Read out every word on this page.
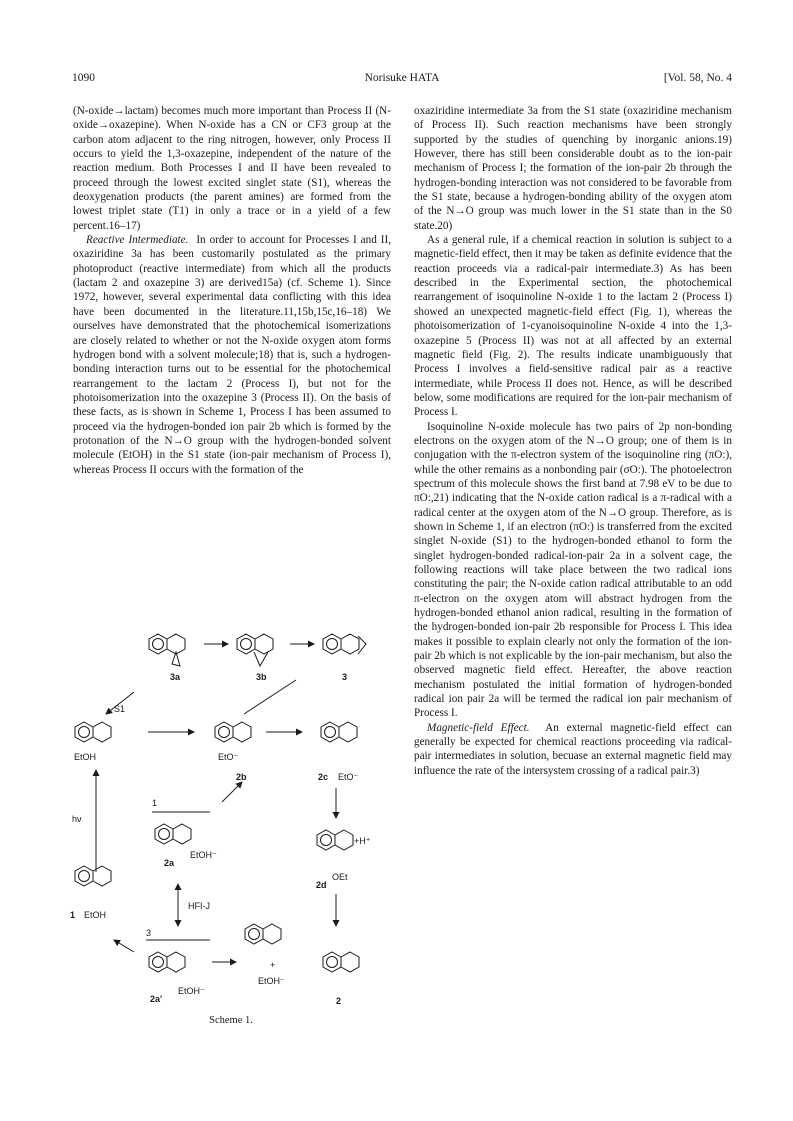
1090	Norisuke HATA	[Vol. 58, No. 4

(N-oxide→lactam) becomes much more important than Process II (N-oxide→oxazepine). When N-oxide has a CN or CF3 group at the carbon atom adjacent to the ring nitrogen, however, only Process II occurs to yield the 1,3-oxazepine, independent of the nature of the reaction medium. Both Processes I and II have been revealed to proceed through the lowest excited singlet state (S1), whereas the deoxygenation products (the parent amines) are formed from the lowest triplet state (T1) in only a trace or in a yield of a few percent.16–17)

Reactive Intermediate. In order to account for Processes I and II, oxaziridine 3a has been customarily postulated as the primary photoproduct (reactive intermediate) from which all the products (lactam 2 and oxazepine 3) are derived15a) (cf. Scheme 1). Since 1972, however, several experimental data conflicting with this idea have been documented in the literature.11,15b,15c,16–18) We ourselves have demonstrated that the photochemical isomerizations are closely related to whether or not the N-oxide oxygen atom forms hydrogen bond with a solvent molecule;18) that is, such a hydrogen-bonding interaction turns out to be essential for the photochemical rearrangement to the lactam 2 (Process I), but not for the photoisomerization into the oxazepine 3 (Process II). On the basis of these facts, as is shown in Scheme 1, Process I has been assumed to proceed via the hydrogen-bonded ion pair 2b which is formed by the protonation of the N→O group with the hydrogen-bonded solvent molecule (EtOH) in the S1 state (ion-pair mechanism of Process I), whereas Process II occurs with the formation of the

oxaziridine intermediate 3a from the S1 state (oxaziridine mechanism of Process II). Such reaction mechanisms have been strongly supported by the studies of quenching by inorganic anions.19) However, there has still been considerable doubt as to the ion-pair mechanism of Process I; the formation of the ion-pair 2b through the hydrogen-bonding interaction was not considered to be favorable from the S1 state, because a hydrogen-bonding ability of the oxygen atom of the N→O group was much lower in the S1 state than in the S0 state.20)

As a general rule, if a chemical reaction in solution is subject to a magnetic-field effect, then it may be taken as definite evidence that the reaction proceeds via a radical-pair intermediate.3) As has been described in the Experimental section, the photochemical rearrangement of isoquinoline N-oxide 1 to the lactam 2 (Process I) showed an unexpected magnetic-field effect (Fig. 1), whereas the photoisomerization of 1-cyanoisoquinoline N-oxide 4 into the 1,3-oxazepine 5 (Process II) was not at all affected by an external magnetic field (Fig. 2). The results indicate unambiguously that Process I involves a field-sensitive radical pair as a reactive intermediate, while Process II does not. Hence, as will be described below, some modifications are required for the ion-pair mechanism of Process I.

Isoquinoline N-oxide molecule has two pairs of 2p non-bonding electrons on the oxygen atom of the N→O group; one of them is in conjugation with the π-electron system of the isoquinoline ring (πO:), while the other remains as a nonbonding pair (σO:). The photoelectron spectrum of this molecule shows the first band at 7.98 eV to be due to πO:,21) indicating that the N-oxide cation radical is a π-radical with a radical center at the oxygen atom of the N→O group. Therefore, as is shown in Scheme 1, if an electron (πO:) is transferred from the excited singlet N-oxide (S1) to the hydrogen-bonded ethanol to form the singlet hydrogen-bonded radical-ion-pair 2a in a solvent cage, the following reactions will take place between the two radical ions constituting the pair; the N-oxide cation radical attributable to an odd π-electron on the oxygen atom will abstract hydrogen from the hydrogen-bonded ethanol anion radical, resulting in the formation of the hydrogen-bonded ion-pair 2b responsible for Process I. This idea makes it possible to explain clearly not only the formation of the ion-pair 2b which is not explicable by the ion-pair mechanism, but also the observed magnetic field effect. Hereafter, the above reaction mechanism postulated the initial formation of hydrogen-bonded radical ion pair 2a will be termed the radical ion pair mechanism of Process I.

Magnetic-field Effect. An external magnetic-field effect can generally be expected for chemical reactions proceeding via radical-pair intermediates in solution, becuase an external magnetic field may influence the rate of the intersystem crossing of a radical pair.3)

3a	3b	3
S1
EtOH	EtO⁻
2b	2c EtO⁻
hν
1
2a
EtOH⁻
+H⁺
2d
OEt
1 EtOH
HFI-J
3
2a'
EtOH⁻
+
EtOH⁻
2
Scheme 1.
